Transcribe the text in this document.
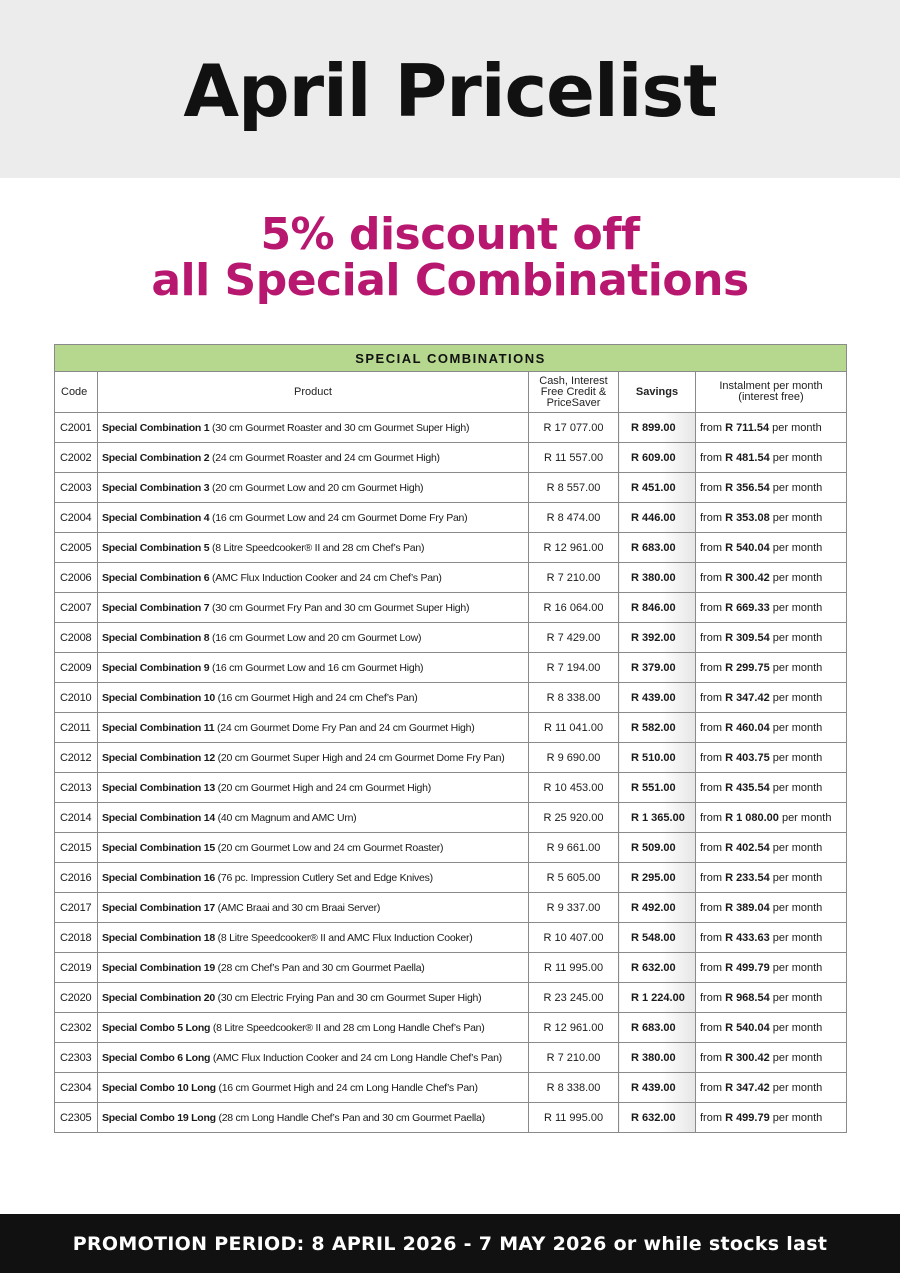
April Pricelist
5% discount off
all Special Combinations
SPECIAL COMBINATIONS				
Code	Product	Cash, Interest Free Credit & PriceSaver	Savings	Instalment per month
(interest free)
C2001	Special Combination 1 (30 cm Gourmet Roaster and 30 cm Gourmet Super High)	R 17 077.00	R 899.00	from R 711.54 per month
C2002	Special Combination 2 (24 cm Gourmet Roaster and 24 cm Gourmet High)	R 11 557.00	R 609.00	from R 481.54 per month
C2003	Special Combination 3 (20 cm Gourmet Low and 20 cm Gourmet High)	R 8 557.00	R 451.00	from R 356.54 per month
C2004	Special Combination 4 (16 cm Gourmet Low and 24 cm Gourmet Dome Fry Pan)	R 8 474.00	R 446.00	from R 353.08 per month
C2005	Special Combination 5 (8 Litre Speedcooker® II and 28 cm Chef’s Pan)	R 12 961.00	R 683.00	from R 540.04 per month
C2006	Special Combination 6 (AMC Flux Induction Cooker and 24 cm Chef’s Pan)	R 7 210.00	R 380.00	from R 300.42 per month
C2007	Special Combination 7 (30 cm Gourmet Fry Pan and 30 cm Gourmet Super High)	R 16 064.00	R 846.00	from R 669.33 per month
C2008	Special Combination 8 (16 cm Gourmet Low and 20 cm Gourmet Low)	R 7 429.00	R 392.00	from R 309.54 per month
C2009	Special Combination 9 (16 cm Gourmet Low and 16 cm Gourmet High)	R 7 194.00	R 379.00	from R 299.75 per month
C2010	Special Combination 10 (16 cm Gourmet High and 24 cm Chef’s Pan)	R 8 338.00	R 439.00	from R 347.42 per month
C2011	Special Combination 11 (24 cm Gourmet Dome Fry Pan and 24 cm Gourmet High)	R 11 041.00	R 582.00	from R 460.04 per month
C2012	Special Combination 12 (20 cm Gourmet Super High and 24 cm Gourmet Dome Fry Pan)	R 9 690.00	R 510.00	from R 403.75 per month
C2013	Special Combination 13 (20 cm Gourmet High and 24 cm Gourmet High)	R 10 453.00	R 551.00	from R 435.54 per month
C2014	Special Combination 14 (40 cm Magnum and AMC Urn)	R 25 920.00	R 1 365.00	from R 1 080.00 per month
C2015	Special Combination 15 (20 cm Gourmet Low and 24 cm Gourmet Roaster)	R 9 661.00	R 509.00	from R 402.54 per month
C2016	Special Combination 16 (76 pc. Impression Cutlery Set and Edge Knives)	R 5 605.00	R 295.00	from R 233.54 per month
C2017	Special Combination 17 (AMC Braai and 30 cm Braai Server)	R 9 337.00	R 492.00	from R 389.04 per month
C2018	Special Combination 18 (8 Litre Speedcooker® II and AMC Flux Induction Cooker)	R 10 407.00	R 548.00	from R 433.63 per month
C2019	Special Combination 19 (28 cm Chef’s Pan and 30 cm Gourmet Paella)	R 11 995.00	R 632.00	from R 499.79 per month
C2020	Special Combination 20 (30 cm Electric Frying Pan and 30 cm Gourmet Super High)	R 23 245.00	R 1 224.00	from R 968.54 per month
C2302	Special Combo 5 Long (8 Litre Speedcooker® II and 28 cm Long Handle Chef’s Pan)	R 12 961.00	R 683.00	from R 540.04 per month
C2303	Special Combo 6 Long (AMC Flux Induction Cooker and 24 cm Long Handle Chef’s Pan)	R 7 210.00	R 380.00	from R 300.42 per month
C2304	Special Combo 10 Long (16 cm Gourmet High and 24 cm Long Handle Chef’s Pan)	R 8 338.00	R 439.00	from R 347.42 per month
C2305	Special Combo 19 Long (28 cm Long Handle Chef’s Pan and 30 cm Gourmet Paella)	R 11 995.00	R 632.00	from R 499.79 per month
PROMOTION PERIOD: 8 APRIL 2026 - 7 MAY 2026 or while stocks last
